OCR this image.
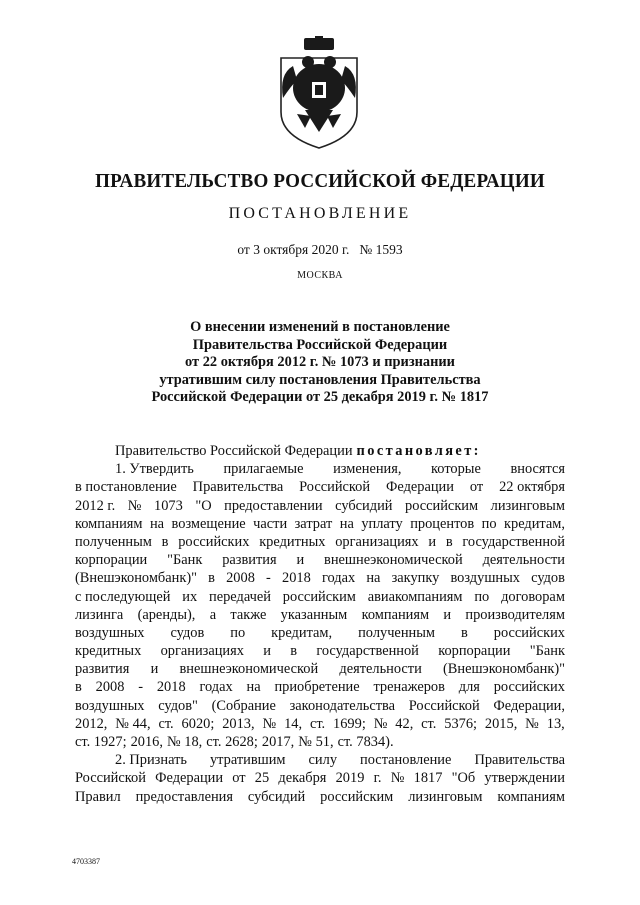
ПРАВИТЕЛЬСТВО РОССИЙСКОЙ ФЕДЕРАЦИИ
ПОСТАНОВЛЕНИЕ
от 3 октября 2020 г. № 1593
МОСКВА
О внесении изменений в постановление
Правительства Российской Федерации
от 22 октября 2012 г. № 1073 и признании
утратившим силу постановления Правительства
Российской Федерации от 25 декабря 2019 г. № 1817
Правительство Российской Федерации постановляет:
1. Утвердить прилагаемые изменения, которые вносятся
в постановление Правительства Российской Федерации от 22 октября
2012 г. № 1073 "О предоставлении субсидий российским лизинговым
компаниям на возмещение части затрат на уплату процентов по кредитам,
полученным в российских кредитных организациях и в государственной
корпорации "Банк развития и внешнеэкономической деятельности
(Внешэкономбанк)" в 2008 - 2018 годах на закупку воздушных судов
с последующей их передачей российским авиакомпаниям по договорам
лизинга (аренды), а также указанным компаниям и производителям
воздушных судов по кредитам, полученным в российских
кредитных организациях и в государственной корпорации "Банк
развития и внешнеэкономической деятельности (Внешэкономбанк)"
в 2008 - 2018 годах на приобретение тренажеров для российских
воздушных судов" (Собрание законодательства Российской Федерации,
2012, № 44, ст. 6020; 2013, № 14, ст. 1699; № 42, ст. 5376; 2015, № 13,
ст. 1927; 2016, № 18, ст. 2628; 2017, № 51, ст. 7834).
2. Признать утратившим силу постановление Правительства
Российской Федерации от 25 декабря 2019 г. № 1817 "Об утверждении
Правил предоставления субсидий российским лизинговым компаниям
4703387
